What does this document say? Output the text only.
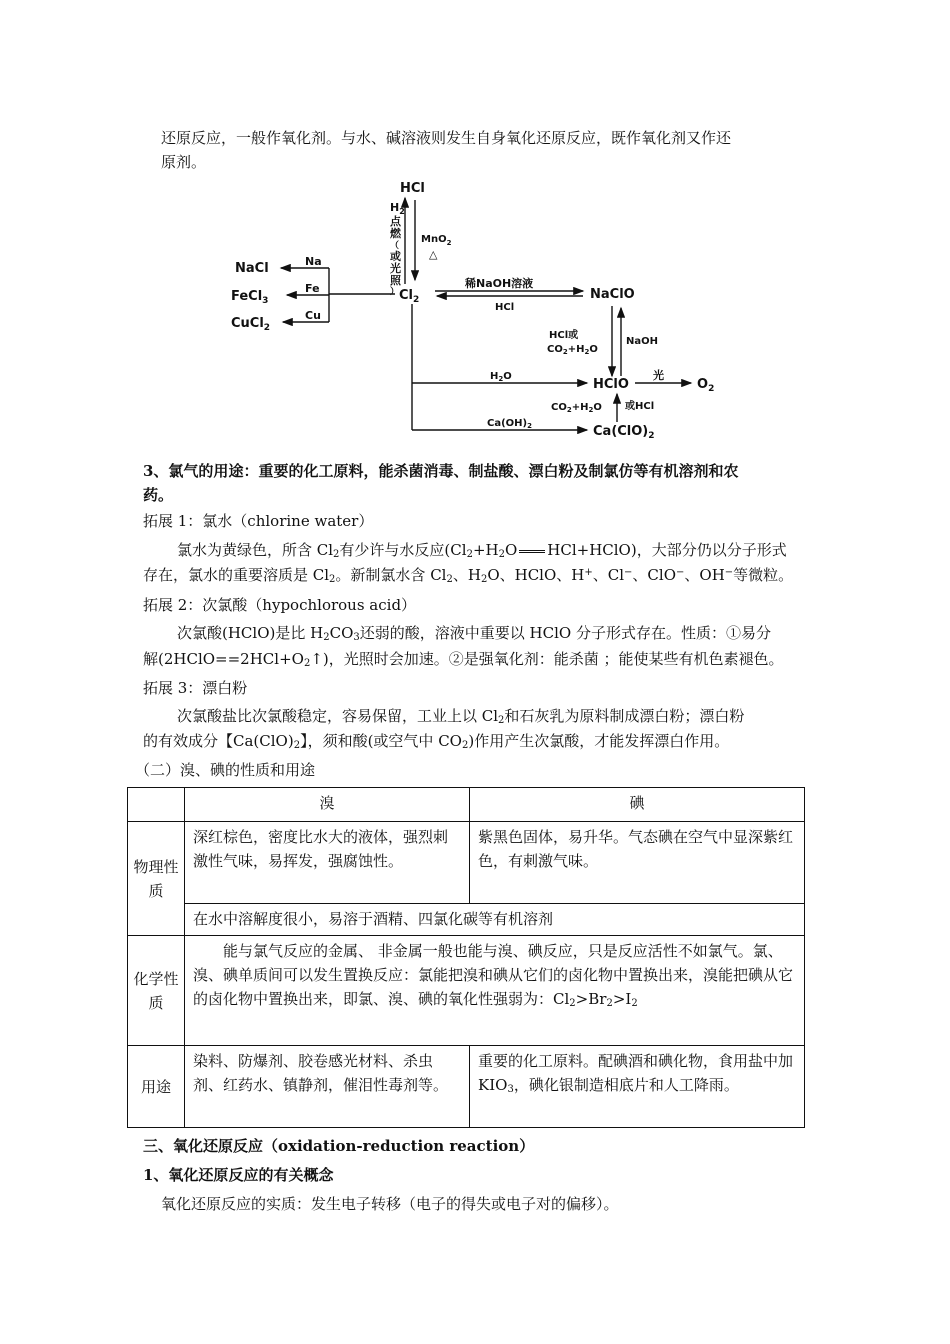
还原反应，一般作氧化剂。与水、碱溶液则发生自身氧化还原反应，既作氧化剂又作还
原剂。
HCl
$H_2$
点
燃
（
或
光
照
）
MnO$_2$
△
$Cl_2$
Na
Fe
Cu
NaCl
FeCl$_3$
CuCl$_2$
稀NaOH溶液
HCl
NaClO
HCl或
$CO_2+H_2O$
NaOH
$H_2O$
HClO
光
$O_2$
$CO_2+H_2O$ 或HCl
$Ca(OH)_2$	$Ca(ClO)_2$
3、氯气的用途：重要的化工原料，能杀菌消毒、制盐酸、漂白粉及制氯仿等有机溶剂和农
药。
拓展 1：氯水（chlorine water）
氯水为黄绿色，所含 $Cl_2$有少许与水反应($Cl_2+H_2O$ HCl+HClO)，大部分仍以分子形式
存在，氯水的重要溶质是 $Cl_2$。新制氯水含 $Cl_2$、$H_2O$、HClO、H+、Cl−、ClO−、OH−等微粒。
拓展 2：次氯酸（hypochlorous acid）
次氯酸(HClO)是比 $H_2CO_3$还弱的酸，溶液中重要以 HClO 分子形式存在。性质：①易分
解$(2HClO==2HCl+O_2↑)$，光照时会加速。②是强氧化剂：能杀菌 ；能使某些有机色素褪色。
拓展 3：漂白粉
次氯酸盐比次氯酸稳定，容易保留，工业上以 $Cl_2$和石灰乳为原料制成漂白粉；漂白粉
的有效成分【$Ca(ClO)_2$】，须和酸(或空气中 $CO_2$)作用产生次氯酸，才能发挥漂白作用。
（二）溴、碘的性质和用途
	溴	碘
物理性质	深红棕色，密度比水大的液体，强烈刺激性气味，易挥发，强腐蚀性。	紫黑色固体，易升华。气态碘在空气中显深紫红色，有刺激气味。
	在水中溶解度很小，易溶于酒精、四氯化碳等有机溶剂	
化学性质	能与氯气反应的金属、 非金属一般也能与溴、碘反应，只是反应活性不如氯气。氯、溴、碘单质间可以发生置换反应：氯能把溴和碘从它们的卤化物中置换出来，溴能把碘从它的卤化物中置换出来，即氯、溴、碘的氧化性强弱为：$Cl_2>Br_2>I_2$
用途	染料、防爆剂、胶卷感光材料、杀虫剂、红药水、镇静剂，催泪性毒剂等。	重要的化工原料。配碘酒和碘化物，食用盐中加 $KIO_3$，碘化银制造相底片和人工降雨。
三、氧化还原反应（oxidation-reduction reaction）
1、氧化还原反应的有关概念
氧化还原反应的实质：发生电子转移（电子的得失或电子对的偏移）。
